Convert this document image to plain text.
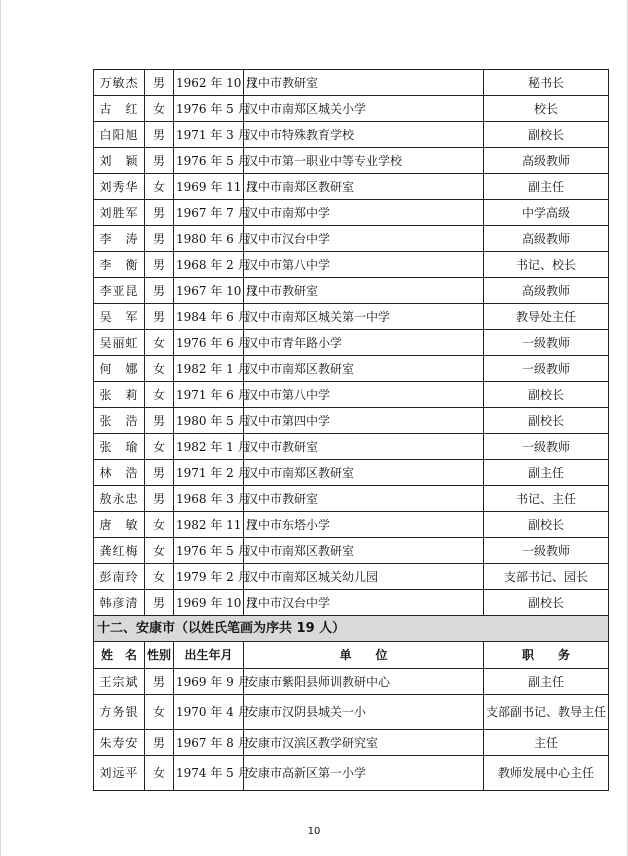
万敏杰	男	1962 年 10 月	汉中市教研室	秘书长
古　红	女	1976 年 5 月	汉中市南郑区城关小学	校长
白阳旭	男	1971 年 3 月	汉中市特殊教育学校	副校长
刘　颖	男	1976 年 5 月	汉中市第一职业中等专业学校	高级教师
刘秀华	女	1969 年 11 月	汉中市南郑区教研室	副主任
刘胜军	男	1967 年 7 月	汉中市南郑中学	中学高级
李　涛	男	1980 年 6 月	汉中市汉台中学	高级教师
李　衡	男	1968 年 2 月	汉中市第八中学	书记、校长
李亚昆	男	1967 年 10 月	汉中市教研室	高级教师
吴　军	男	1984 年 6 月	汉中市南郑区城关第一中学	教导处主任
吴丽虹	女	1976 年 6 月	汉中市青年路小学	一级教师
何　娜	女	1982 年 1 月	汉中市南郑区教研室	一级教师
张　莉	女	1971 年 6 月	汉中市第八中学	副校长
张　浩	男	1980 年 5 月	汉中市第四中学	副校长
张　瑜	女	1982 年 1 月	汉中市教研室	一级教师
林　浩	男	1971 年 2 月	汉中市南郑区教研室	副主任
敖永忠	男	1968 年 3 月	汉中市教研室	书记、主任
唐　敏	女	1982 年 11 月	汉中市东塔小学	副校长
龚红梅	女	1976 年 5 月	汉中市南郑区教研室	一级教师
彭南玲	女	1979 年 2 月	汉中市南郑区城关幼儿园	支部书记、园长
韩彦清	男	1969 年 10 月	汉中市汉台中学	副校长
十二、安康市（以姓氏笔画为序共 19 人）				
姓　名	性别	出生年月	单　　位	职　　务
王宗斌	男	1969 年 9 月	安康市紫阳县师训教研中心	副主任
方务银	女	1970 年 4 月	安康市汉阴县城关一小	支部副书记、教导主任
朱寿安	男	1967 年 8 月	安康市汉滨区教学研究室	主任
刘远平	女	1974 年 5 月	安康市高新区第一小学	教师发展中心主任
10
